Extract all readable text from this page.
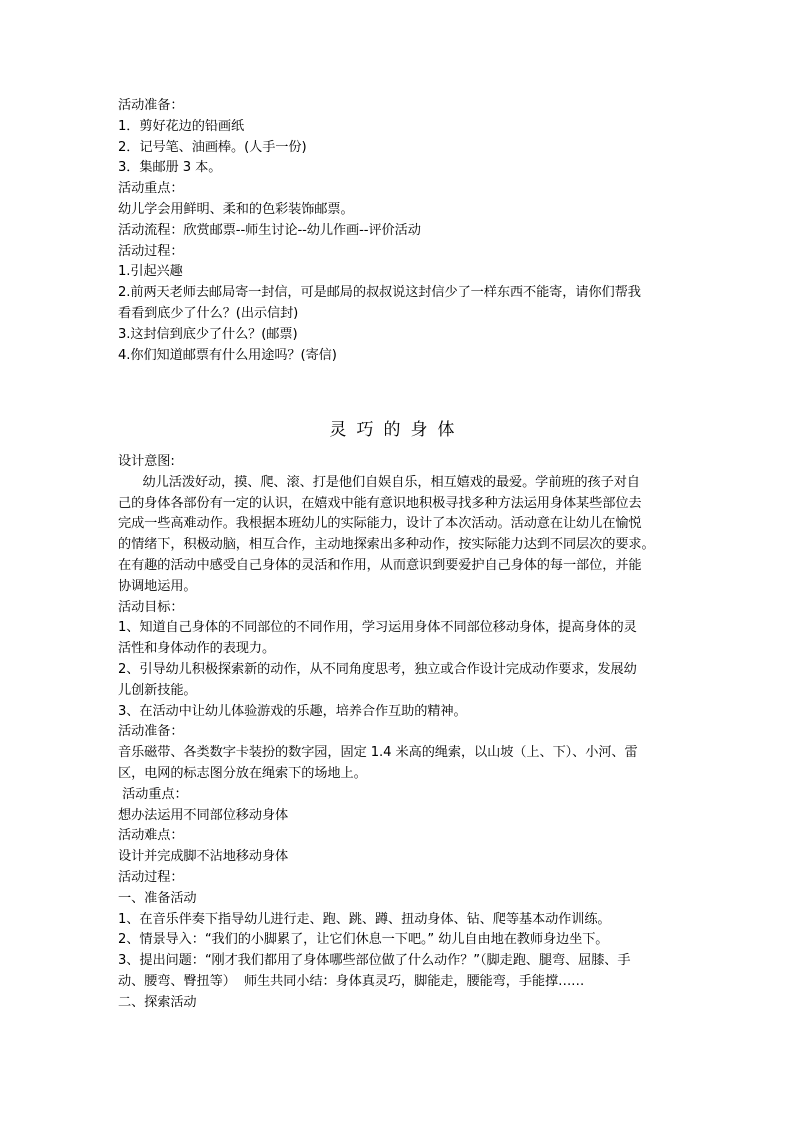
活动准备：
1．剪好花边的铅画纸
2．记号笔、油画棒。(人手一份)
3．集邮册 3 本。
活动重点：
幼儿学会用鲜明、柔和的色彩装饰邮票。
活动流程：欣赏邮票--师生讨论--幼儿作画--评价活动
活动过程：
1.引起兴趣
2.前两天老师去邮局寄一封信，可是邮局的叔叔说这封信少了一样东西不能寄，请你们帮我
看看到底少了什么？(出示信封)
3.这封信到底少了什么？(邮票)
4.你们知道邮票有什么用途吗？(寄信)
灵巧的身体
设计意图:
幼儿活泼好动，摸、爬、滚、打是他们自娱自乐，相互嬉戏的最爱。学前班的孩子对自
己的身体各部份有一定的认识，在嬉戏中能有意识地积极寻找多种方法运用身体某些部位去
完成一些高难动作。我根据本班幼儿的实际能力，设计了本次活动。活动意在让幼儿在愉悦
的情绪下，积极动脑，相互合作，主动地探索出多种动作，按实际能力达到不同层次的要求。
在有趣的活动中感受自己身体的灵活和作用，从而意识到要爱护自己身体的每一部位，并能
协调地运用。
活动目标：
1、知道自己身体的不同部位的不同作用，学习运用身体不同部位移动身体，提高身体的灵
活性和身体动作的表现力。
2、引导幼儿积极探索新的动作，从不同角度思考，独立或合作设计完成动作要求，发展幼
儿创新技能。
3、在活动中让幼儿体验游戏的乐趣，培养合作互助的精神。
活动准备：
音乐磁带、各类数字卡装扮的数字园，固定 1.4 米高的绳索，以山坡（上、下）、小河、雷
区，电网的标志图分放在绳索下的场地上。
活动重点：
想办法运用不同部位移动身体
活动难点：
设计并完成脚不沾地移动身体
活动过程：
一、准备活动
1、在音乐伴奏下指导幼儿进行走、跑、跳、蹲、扭动身体、钻、爬等基本动作训练。
2、情景导入：“我们的小脚累了，让它们休息一下吧。” 幼儿自由地在教师身边坐下。
3、提出问题：“刚才我们都用了身体哪些部位做了什么动作？”（脚走跑、腿弯、屈膝、手
动、腰弯、臀扭等）  师生共同小结：身体真灵巧，脚能走，腰能弯，手能撑……
二、探索活动
